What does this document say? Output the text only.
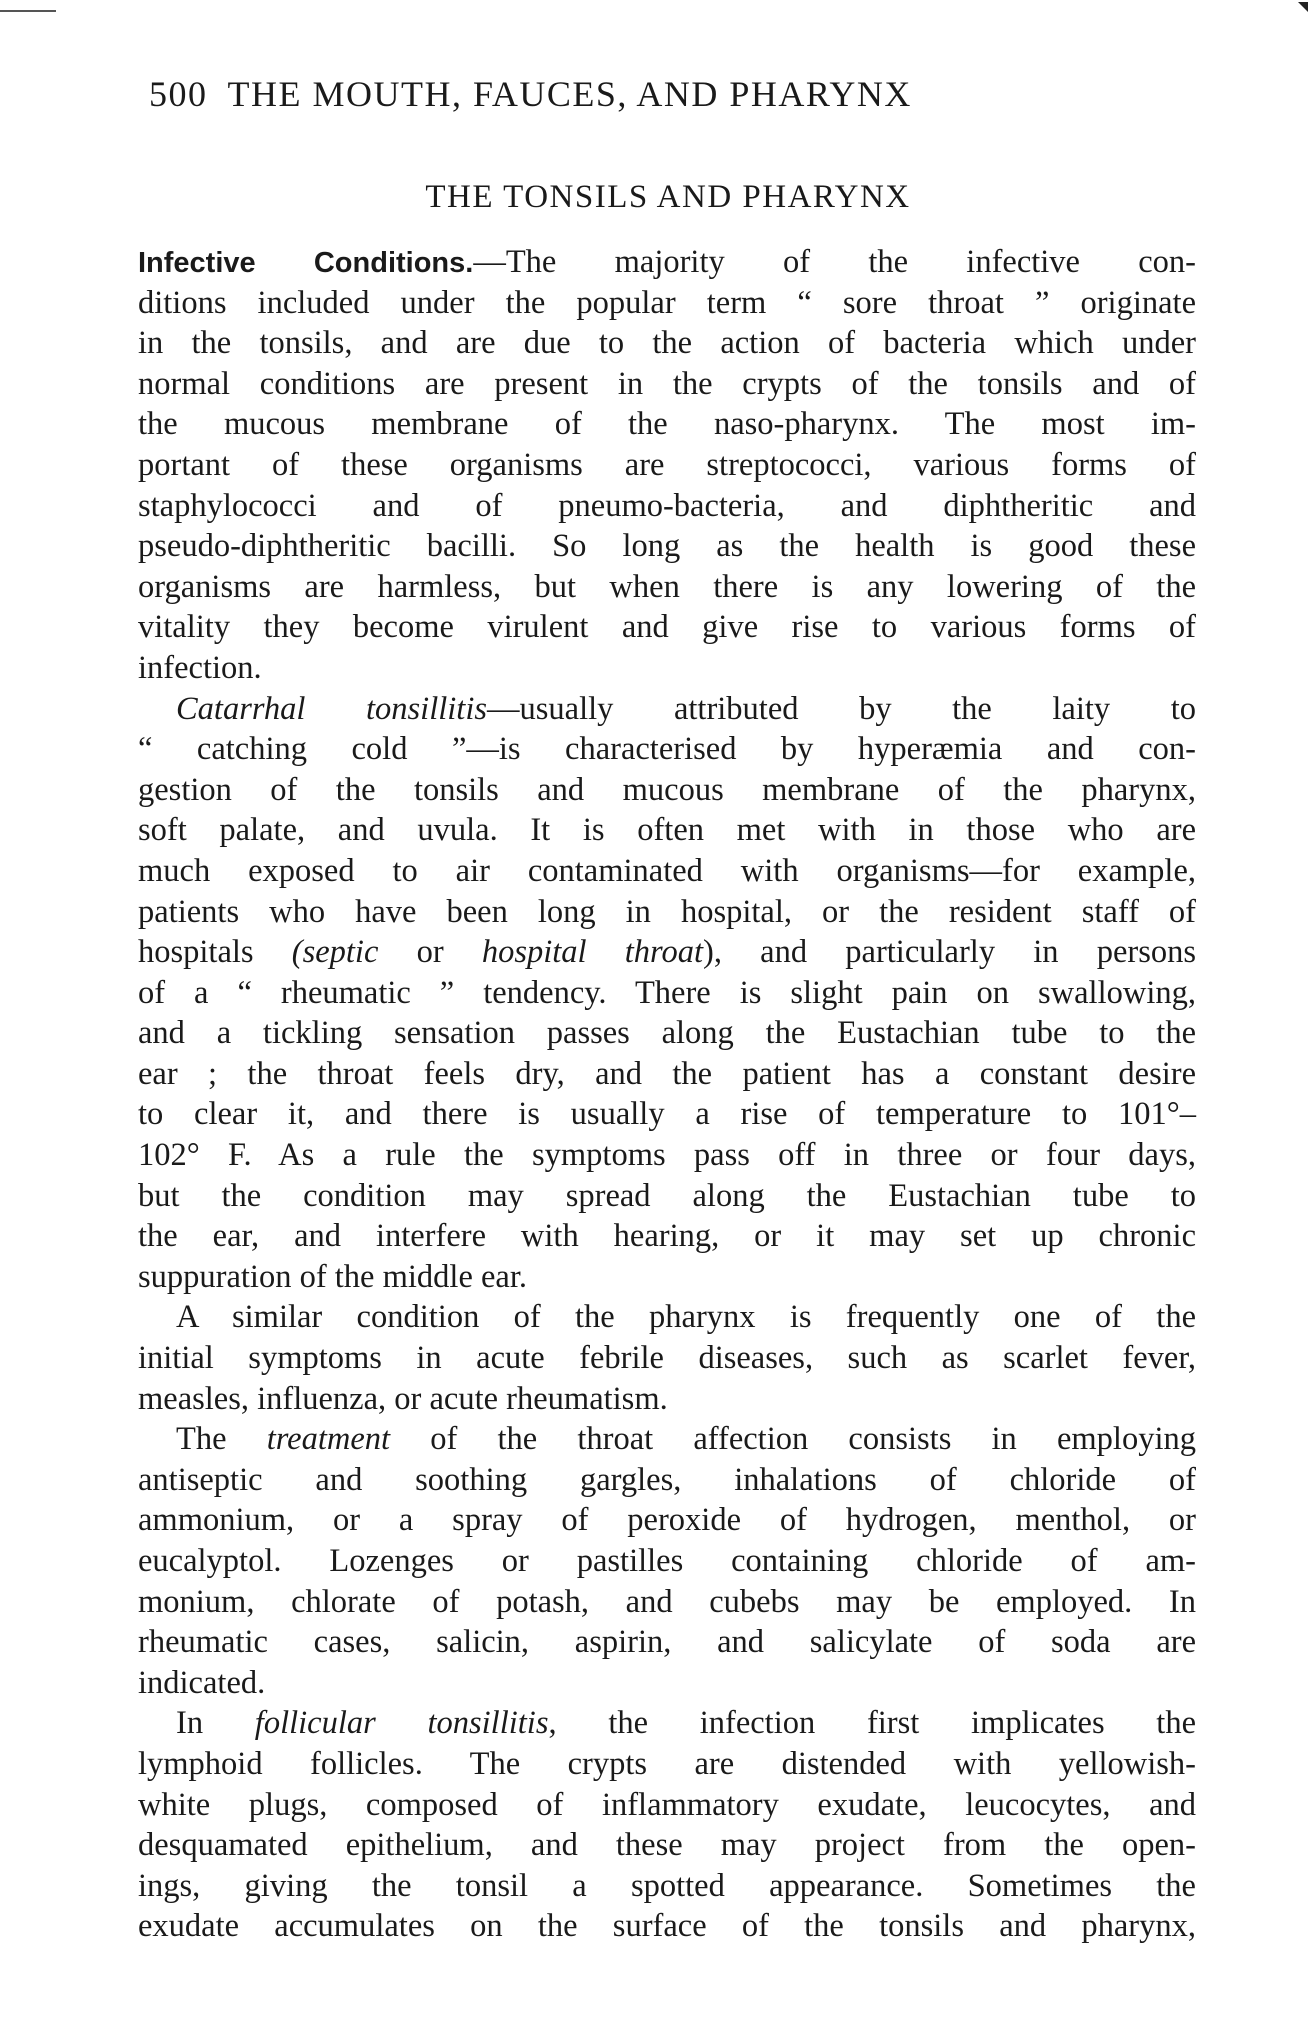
500 THE MOUTH, FAUCES, AND PHARYNX
THE TONSILS AND PHARYNX
Infective Conditions.—The majority of the infective con-
ditions included under the popular term “ sore throat ” originate
in the tonsils, and are due to the action of bacteria which under
normal conditions are present in the crypts of the tonsils and of
the mucous membrane of the naso-pharynx. The most im-
portant of these organisms are streptococci, various forms of
staphylococci and of pneumo-bacteria, and diphtheritic and
pseudo-diphtheritic bacilli. So long as the health is good these
organisms are harmless, but when there is any lowering of the
vitality they become virulent and give rise to various forms of
infection.
Catarrhal tonsillitis—usually attributed by the laity to
“ catching cold ”—is characterised by hyperæmia and con-
gestion of the tonsils and mucous membrane of the pharynx,
soft palate, and uvula. It is often met with in those who are
much exposed to air contaminated with organisms—for example,
patients who have been long in hospital, or the resident staff of
hospitals (septic or hospital throat), and particularly in persons
of a “ rheumatic ” tendency. There is slight pain on swallowing,
and a tickling sensation passes along the Eustachian tube to the
ear ; the throat feels dry, and the patient has a constant desire
to clear it, and there is usually a rise of temperature to 101°–
102° F. As a rule the symptoms pass off in three or four days,
but the condition may spread along the Eustachian tube to
the ear, and interfere with hearing, or it may set up chronic
suppuration of the middle ear.
A similar condition of the pharynx is frequently one of the
initial symptoms in acute febrile diseases, such as scarlet fever,
measles, influenza, or acute rheumatism.
The treatment of the throat affection consists in employing
antiseptic and soothing gargles, inhalations of chloride of
ammonium, or a spray of peroxide of hydrogen, menthol, or
eucalyptol. Lozenges or pastilles containing chloride of am-
monium, chlorate of potash, and cubebs may be employed. In
rheumatic cases, salicin, aspirin, and salicylate of soda are
indicated.
In follicular tonsillitis, the infection first implicates the
lymphoid follicles. The crypts are distended with yellowish-
white plugs, composed of inflammatory exudate, leucocytes, and
desquamated epithelium, and these may project from the open-
ings, giving the tonsil a spotted appearance. Sometimes the
exudate accumulates on the surface of the tonsils and pharynx,
